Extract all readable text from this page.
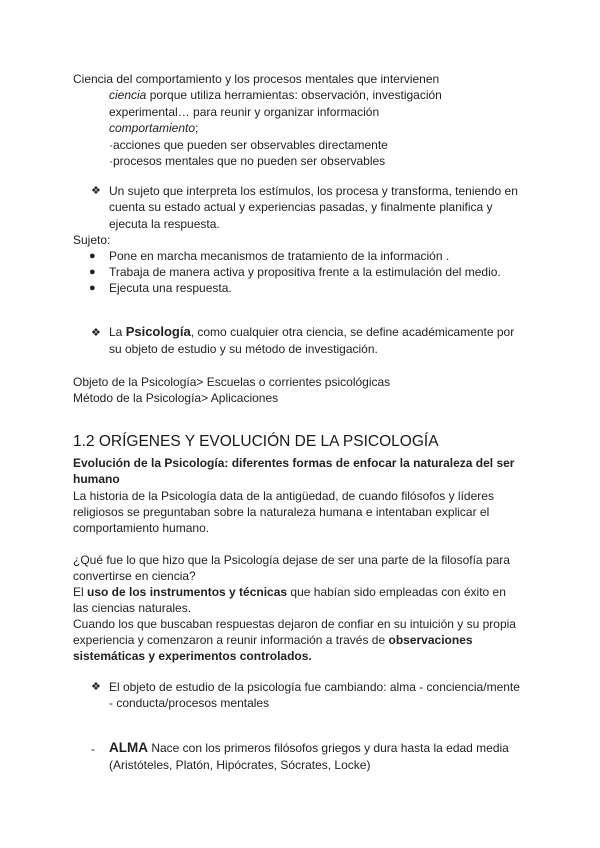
Ciencia del comportamiento y los procesos mentales que intervienen
ciencia porque utiliza herramientas: observación, investigación
experimental… para reunir y organizar información
comportamiento;
·acciones que pueden ser observables directamente
·procesos mentales que no pueden ser observables
❖ Un sujeto que interpreta los estímulos, los procesa y transforma, teniendo en
cuenta su estado actual y experiencias pasadas, y finalmente planifica y
ejecuta la respuesta.
Sujeto:
● Pone en marcha mecanismos de tratamiento de la información .
● Trabaja de manera activa y propositiva frente a la estimulación del medio.
● Ejecuta una respuesta.
❖ La Psicología, como cualquier otra ciencia, se define académicamente por
su objeto de estudio y su método de investigación.
Objeto de la Psicología> Escuelas o corrientes psicológicas
Método de la Psicología> Aplicaciones
1.2 ORÍGENES Y EVOLUCIÓN DE LA PSICOLOGÍA
Evolución de la Psicología: diferentes formas de enfocar la naturaleza del ser
humano
La historia de la Psicología data de la antigüedad, de cuando filósofos y líderes
religiosos se preguntaban sobre la naturaleza humana e intentaban explicar el
comportamiento humano.
¿Qué fue lo que hizo que la Psicología dejase de ser una parte de la filosofía para
convertirse en ciencia?
El uso de los instrumentos y técnicas que habían sido empleadas con éxito en
las ciencias naturales.
Cuando los que buscaban respuestas dejaron de confiar en su intuición y su propia
experiencia y comenzaron a reunir información a través de observaciones
sistemáticas y experimentos controlados.
❖ El objeto de estudio de la psicología fue cambiando: alma - conciencia/mente
- conducta/procesos mentales
- ALMA Nace con los primeros filósofos griegos y dura hasta la edad media
(Aristóteles, Platón, Hipócrates, Sócrates, Locke)
